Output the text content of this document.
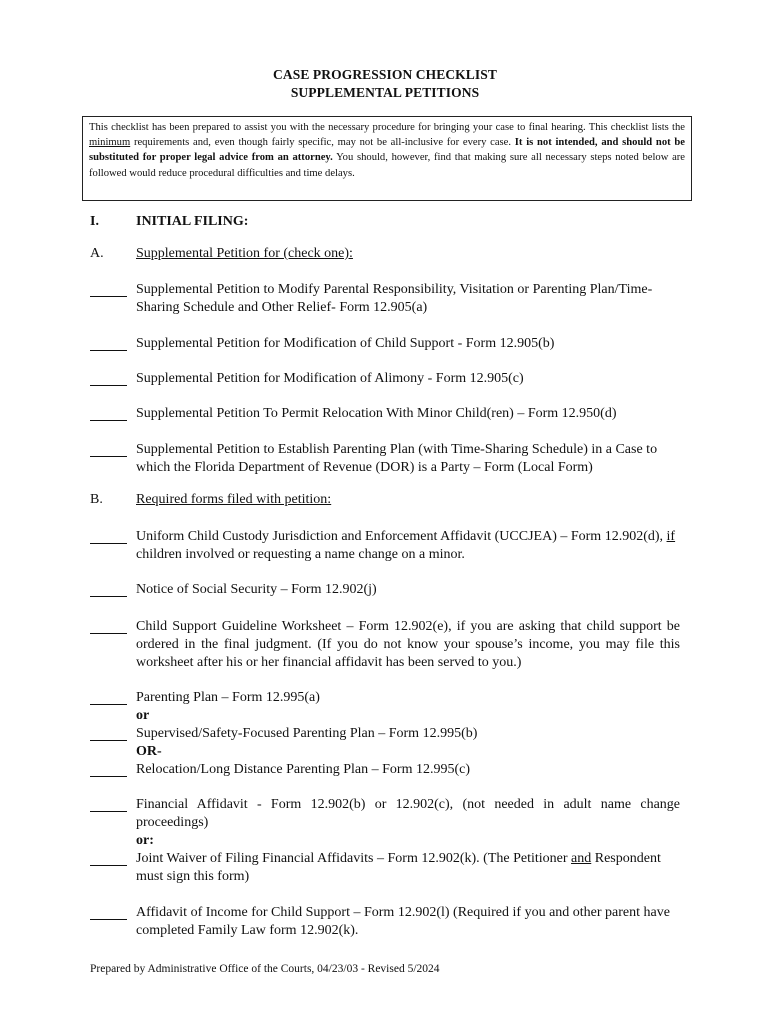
CASE PROGRESSION CHECKLIST
SUPPLEMENTAL PETITIONS
This checklist has been prepared to assist you with the necessary procedure for bringing your case to final hearing. This checklist lists the minimum requirements and, even though fairly specific, may not be all-inclusive for every case. It is not intended, and should not be substituted for proper legal advice from an attorney. You should, however, find that making sure all necessary steps noted below are followed would reduce procedural difficulties and time delays.
I.	INITIAL FILING:
A. Supplemental Petition for (check one):
Supplemental Petition to Modify Parental Responsibility, Visitation or Parenting Plan/Time-Sharing Schedule and Other Relief- Form 12.905(a)
Supplemental Petition for Modification of Child Support - Form 12.905(b)
Supplemental Petition for Modification of Alimony - Form 12.905(c)
Supplemental Petition To Permit Relocation With Minor Child(ren) – Form 12.950(d)
Supplemental Petition to Establish Parenting Plan (with Time-Sharing Schedule) in a Case to which the Florida Department of Revenue (DOR) is a Party – Form (Local Form)
B. Required forms filed with petition:
Uniform Child Custody Jurisdiction and Enforcement Affidavit (UCCJEA) – Form 12.902(d), if children involved or requesting a name change on a minor.
Notice of Social Security – Form 12.902(j)
Child Support Guideline Worksheet – Form 12.902(e), if you are asking that child support be ordered in the final judgment. (If you do not know your spouse’s income, you may file this worksheet after his or her financial affidavit has been served to you.)
Parenting Plan – Form 12.995(a)
or
Supervised/Safety-Focused Parenting Plan – Form 12.995(b)
OR-
Relocation/Long Distance Parenting Plan – Form 12.995(c)
Financial Affidavit - Form 12.902(b) or 12.902(c), (not needed in adult name change proceedings)
or:
Joint Waiver of Filing Financial Affidavits – Form 12.902(k). (The Petitioner and Respondent must sign this form)
Affidavit of Income for Child Support – Form 12.902(l) (Required if you and other parent have completed Family Law form 12.902(k).
Prepared by Administrative Office of the Courts, 04/23/03 - Revised 5/2024
